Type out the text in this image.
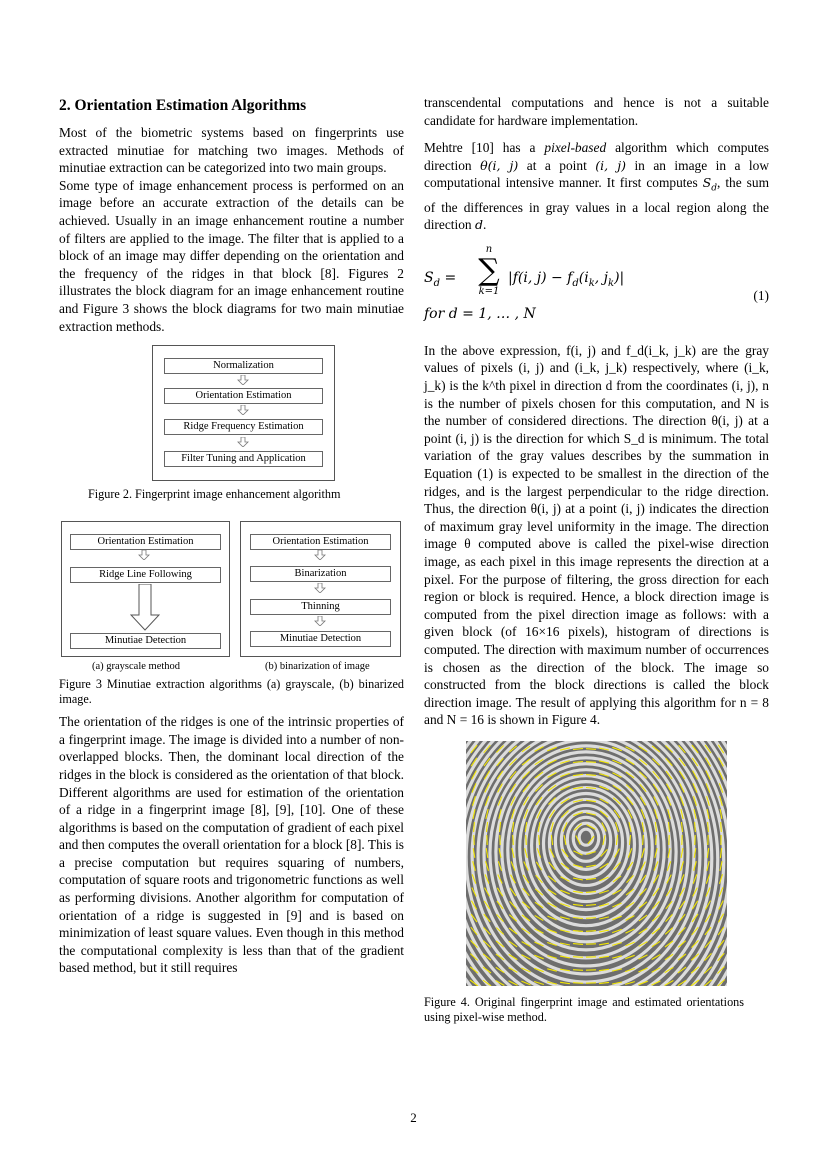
2. Orientation Estimation Algorithms

Most of the biometric systems based on fingerprints use extracted minutiae for matching two images. Methods of minutiae extraction can be categorized into two main groups.

Some type of image enhancement process is performed on an image before an accurate extraction of the details can be achieved. Usually in an image enhancement routine a number of filters are applied to the image. The filter that is applied to a block of an image may differ depending on the orientation and the frequency of the ridges in that block [8]. Figures 2 illustrates the block diagram for an image enhancement routine and Figure 3 shows the block diagrams for two main minutiae extraction methods.

Normalization
Orientation Estimation
Ridge Frequency Estimation
Filter Tuning and Application
Figure 2. Fingerprint image enhancement algorithm
Orientation Estimation
Ridge Line Following
Minutiae Detection
Orientation Estimation
Binarization
Thinning
Minutiae Detection
(a) grayscale method	(b) binarization of image
Figure 3 Minutiae extraction algorithms (a) grayscale, (b) binarized image.

The orientation of the ridges is one of the intrinsic properties of a fingerprint image. The image is divided into a number of non-overlapped blocks. Then, the dominant local direction of the ridges in the block is considered as the orientation of that block. Different algorithms are used for estimation of the orientation of a ridge in a fingerprint image [8], [9], [10]. One of these algorithms is based on the computation of gradient of each pixel and then computes the overall orientation for a block [8]. This is a precise computation but requires squaring of numbers, computation of square roots and trigonometric functions as well as performing divisions. Another algorithm for computation of orientation of a ridge is suggested in [9] and is based on minimization of least square values. Even though in this method the computational complexity is less than that of the gradient based method, but it still requires

transcendental computations and hence is not a suitable candidate for hardware implementation.

Mehtre [10] has a pixel-based algorithm which computes direction θ(i, j) at a point (i, j) in an image in a low computational intensive manner. It first computes $S_d$, the sum of the differences in gray values in a local region along the direction d.

$S_d$ =
n
∑
k=1
|f(i, $j) - f_d(i_k$, $j_k)|$
for d = 1, … , N
(1)

In the above expression, f(i, j) and f_d(i_k, j_k) are the gray values of pixels (i, j) and (i_k, j_k) respectively, where (i_k, j_k) is the k^th pixel in direction d from the coordinates (i, j), n is the number of pixels chosen for this computation, and N is the number of considered directions. The direction θ(i, j) at a point (i, j) is the direction for which S_d is minimum. The total variation of the gray values describes by the summation in Equation (1) is expected to be smallest in the direction of the ridges, and is the largest perpendicular to the ridge direction. Thus, the direction θ(i, j) at a point (i, j) indicates the direction of maximum gray level uniformity in the image. The direction image θ computed above is called the pixel-wise direction image, as each pixel in this image represents the direction at a pixel. For the purpose of filtering, the gross direction for each region or block is required. Hence, a block direction image is computed from the pixel direction image as follows: with a given block (of 16×16 pixels), histogram of directions is computed. The direction with maximum number of occurrences is chosen as the direction of the block. The image so constructed from the block directions is called the block direction image. The result of applying this algorithm for n = 8 and N = 16 is shown in Figure 4.

Figure 4. Original fingerprint image and estimated orientations using pixel-wise method.
2
